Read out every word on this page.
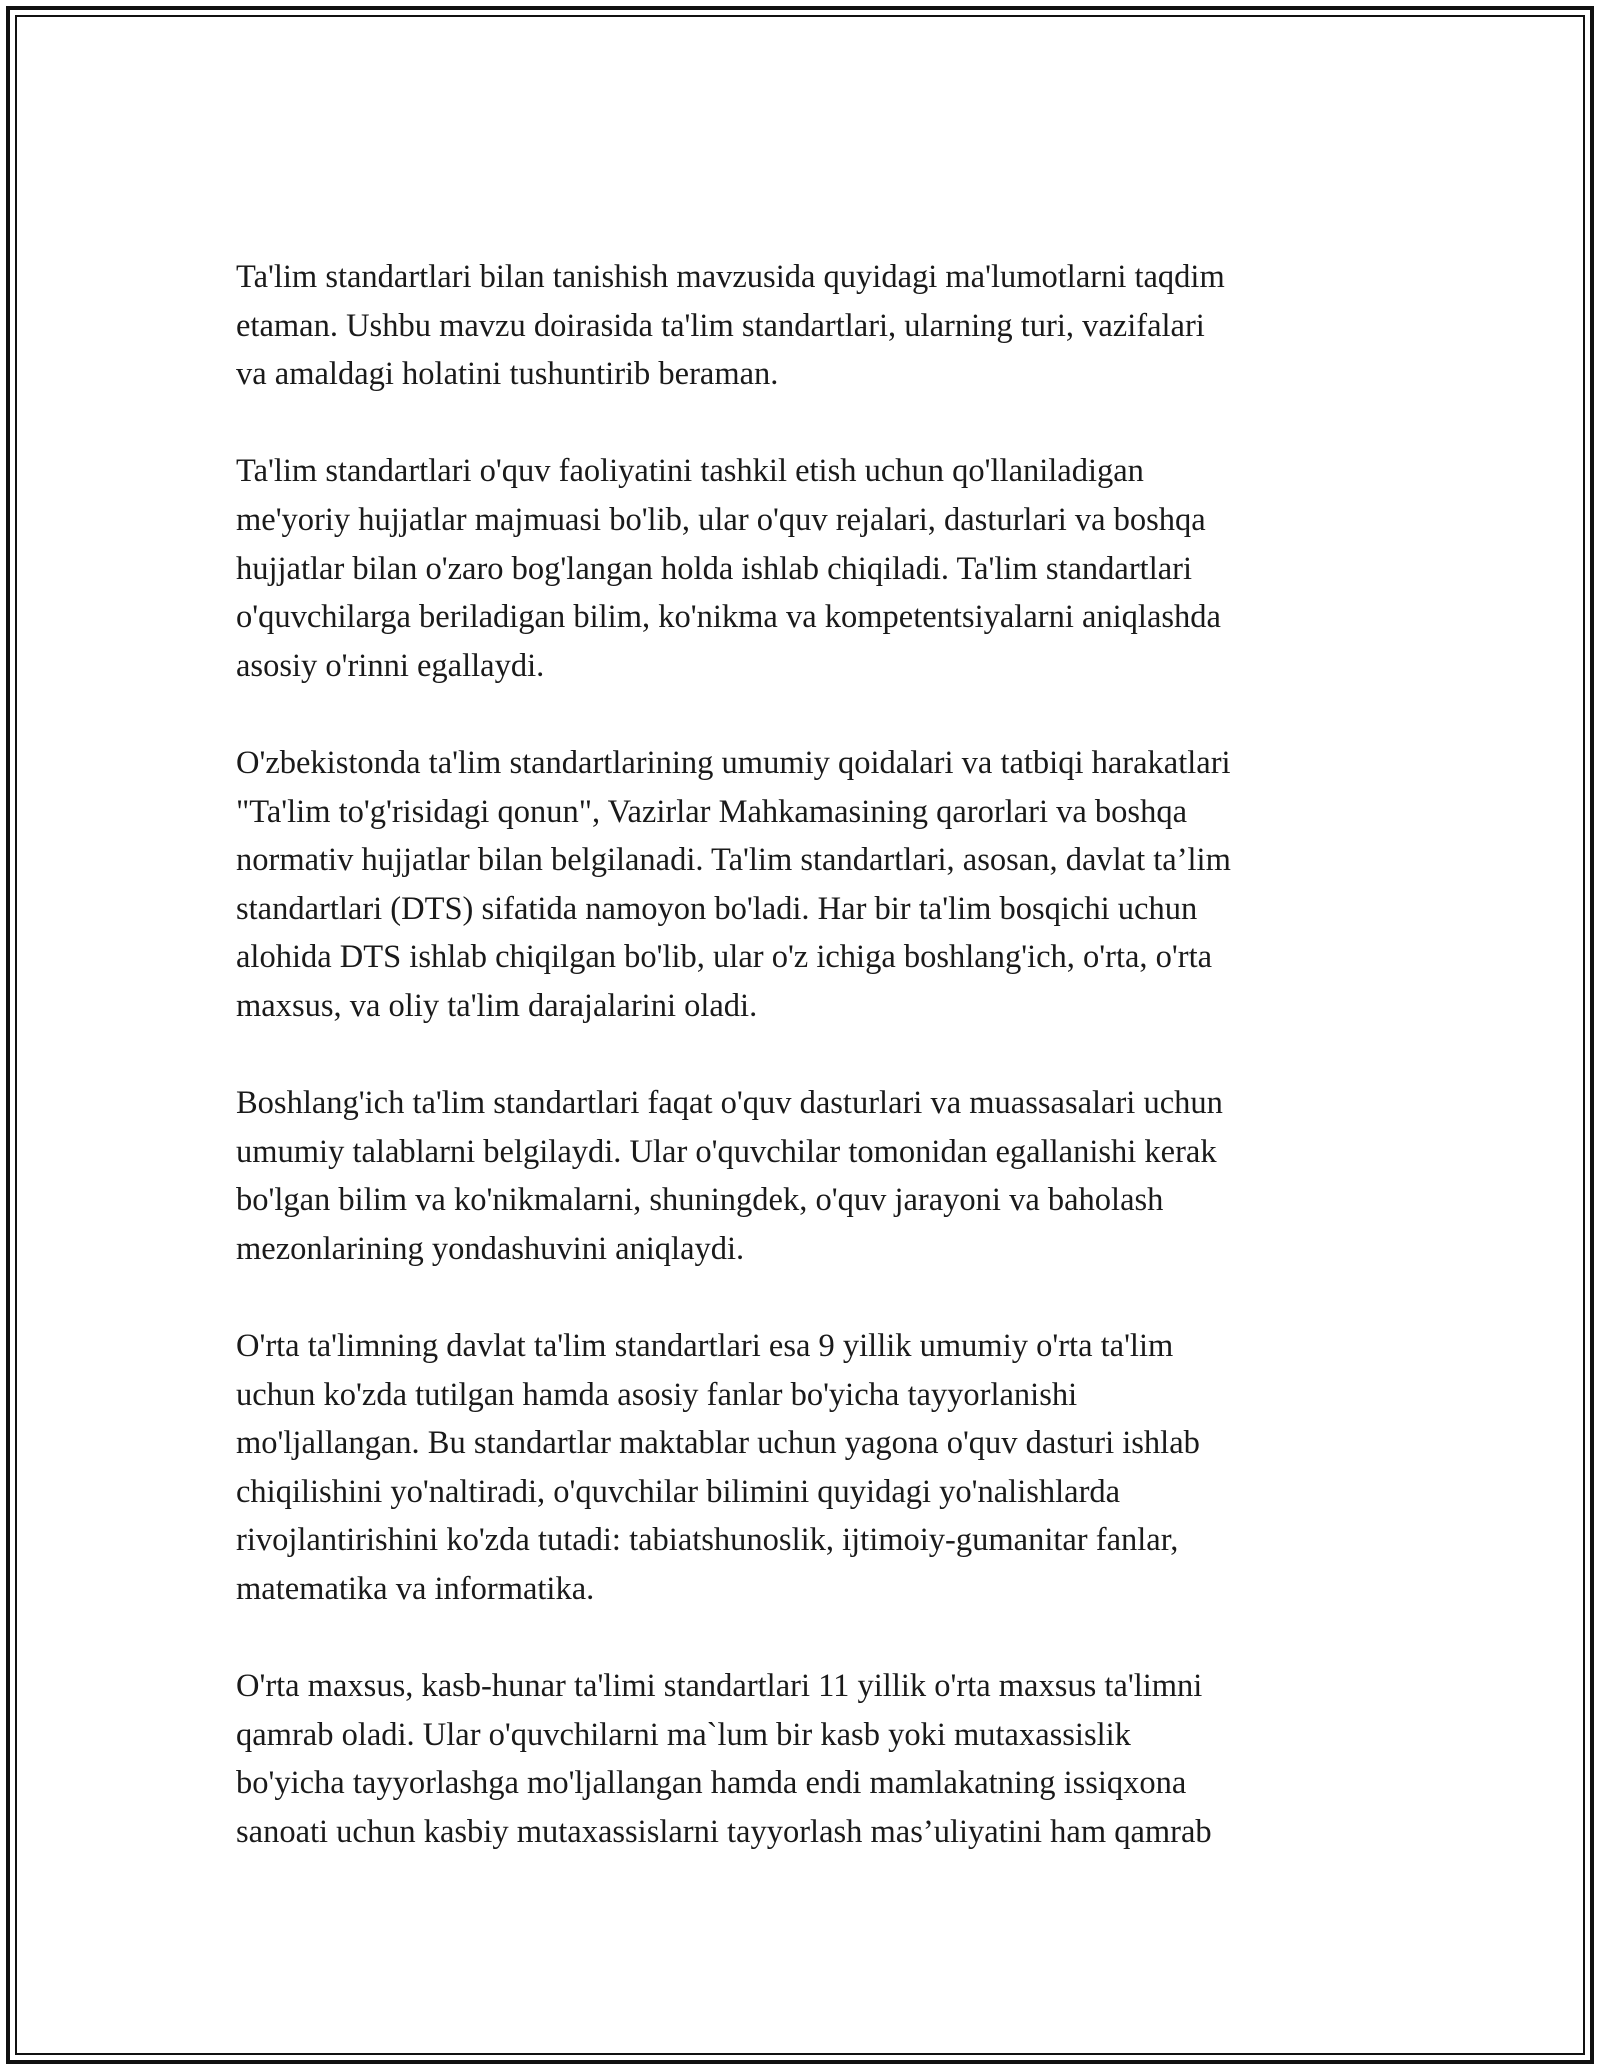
Ta'lim standartlari bilan tanishish mavzusida quyidagi ma'lumotlarni taqdim
etaman. Ushbu mavzu doirasida ta'lim standartlari, ularning turi, vazifalari
va amaldagi holatini tushuntirib beraman.

Ta'lim standartlari o'quv faoliyatini tashkil etish uchun qo'llaniladigan
me'yoriy hujjatlar majmuasi bo'lib, ular o'quv rejalari, dasturlari va boshqa
hujjatlar bilan o'zaro bog'langan holda ishlab chiqiladi. Ta'lim standartlari
o'quvchilarga beriladigan bilim, ko'nikma va kompetentsiyalarni aniqlashda
asosiy o'rinni egallaydi.

O'zbekistonda ta'lim standartlarining umumiy qoidalari va tatbiqi harakatlari
"Ta'lim to'g'risidagi qonun", Vazirlar Mahkamasining qarorlari va boshqa
normativ hujjatlar bilan belgilanadi. Ta'lim standartlari, asosan, davlat ta’lim
standartlari (DTS) sifatida namoyon bo'ladi. Har bir ta'lim bosqichi uchun
alohida DTS ishlab chiqilgan bo'lib, ular o'z ichiga boshlang'ich, o'rta, o'rta
maxsus, va oliy ta'lim darajalarini oladi.

Boshlang'ich ta'lim standartlari faqat o'quv dasturlari va muassasalari uchun
umumiy talablarni belgilaydi. Ular o'quvchilar tomonidan egallanishi kerak
bo'lgan bilim va ko'nikmalarni, shuningdek, o'quv jarayoni va baholash
mezonlarining yondashuvini aniqlaydi.

O'rta ta'limning davlat ta'lim standartlari esa 9 yillik umumiy o'rta ta'lim
uchun ko'zda tutilgan hamda asosiy fanlar bo'yicha tayyorlanishi
mo'ljallangan. Bu standartlar maktablar uchun yagona o'quv dasturi ishlab
chiqilishini yo'naltiradi, o'quvchilar bilimini quyidagi yo'nalishlarda
rivojlantirishini ko'zda tutadi: tabiatshunoslik, ijtimoiy-gumanitar fanlar,
matematika va informatika.

O'rta maxsus, kasb-hunar ta'limi standartlari 11 yillik o'rta maxsus ta'limni
qamrab oladi. Ular o'quvchilarni ma`lum bir kasb yoki mutaxassislik
bo'yicha tayyorlashga mo'ljallangan hamda endi mamlakatning issiqxona
sanoati uchun kasbiy mutaxassislarni tayyorlash mas’uliyatini ham qamrab
